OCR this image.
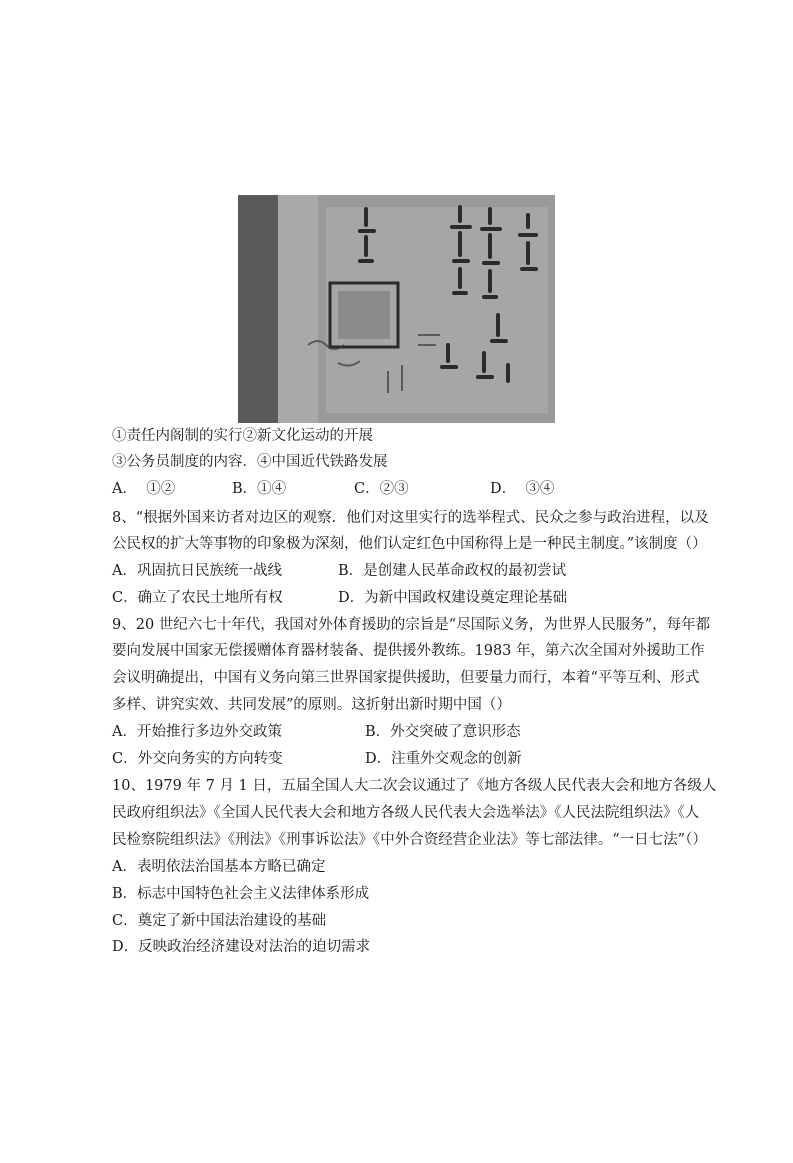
①责任内阁制的实行②新文化运动的开展
③公务员制度的内容．④中国近代铁路发展
A． ①②	B．①④	C．②③	D． ③④
8、“根据外国来访者对边区的观察．他们对这里实行的选举程式、民众之参与政治进程，以及
公民权的扩大等事物的印象极为深刻，他们认定红色中国称得上是一种民主制度。”该制度（）
A．巩固抗日民族统一战线	B．是创建人民革命政权的最初尝试
C．确立了农民土地所有权	D．为新中国政权建设奠定理论基础
9、20 世纪六七十年代，我国对外体育援助的宗旨是“尽国际义务，为世界人民服务”，每年都
要向发展中国家无偿援赠体育器材装备、提供援外教练。1983 年，第六次全国对外援助工作
会议明确提出，中国有义务向第三世界国家提供援助，但要量力而行，本着“平等互利、形式
多样、讲究实效、共同发展”的原则。这折射出新时期中国（）
A．开始推行多边外交政策	B．外交突破了意识形态
C．外交向务实的方向转变	D．注重外交观念的创新
10、1979 年 7 月 1 日，五届全国人大二次会议通过了《地方各级人民代表大会和地方各级人
民政府组织法》《全国人民代表大会和地方各级人民代表大会选举法》《人民法院组织法》《人
民检察院组织法》《刑法》《刑事诉讼法》《中外合资经营企业法》等七部法律。“一日七法”（）
A．表明依法治国基本方略已确定
B．标志中国特色社会主义法律体系形成
C．奠定了新中国法治建设的基础
D．反映政治经济建设对法治的迫切需求
